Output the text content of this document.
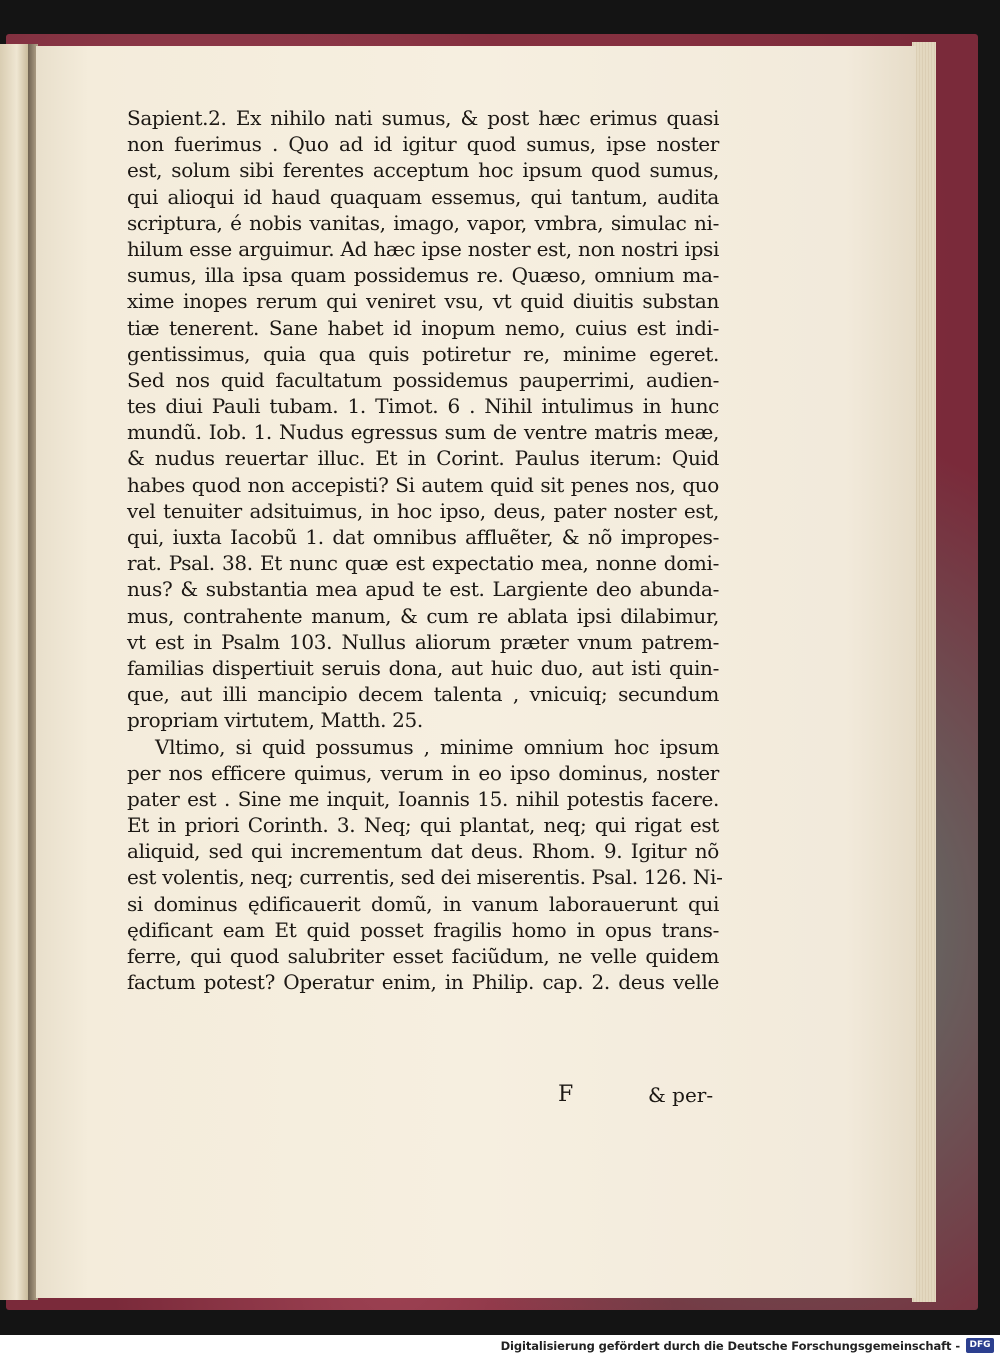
Sapient.2. Ex nihilo nati sumus, & post hæc erimus quasi
non fuerimus . Quo ad id igitur quod sumus, ipse noster
est, solum sibi ferentes acceptum hoc ipsum quod sumus,
qui alioqui id haud quaquam essemus, qui tantum, audita
scriptura, é nobis vanitas, imago, vapor, vmbra, simulac ni-
hilum esse arguimur. Ad hæc ipse noster est, non nostri ipsi
sumus, illa ipsa quam possidemus re. Quæso, omnium ma-
xime inopes rerum qui veniret vsu, vt quid diuitis substan
tiæ tenerent. Sane habet id inopum nemo, cuius est indi-
gentissimus, quia qua quis potiretur re, minime egeret.
Sed nos quid facultatum possidemus pauperrimi, audien-
tes diui Pauli tubam. 1. Timot. 6 . Nihil intulimus in hunc
mundũ. Iob. 1. Nudus egressus sum de ventre matris meæ,
& nudus reuertar illuc. Et in Corint. Paulus iterum: Quid
habes quod non accepisti? Si autem quid sit penes nos, quo
vel tenuiter adsituimus, in hoc ipso, deus, pater noster est,
qui, iuxta Iacobũ 1. dat omnibus affluẽter, & nõ impropes-
rat. Psal. 38. Et nunc quæ est expectatio mea, nonne domi-
nus? & substantia mea apud te est. Largiente deo abunda-
mus, contrahente manum, & cum re ablata ipsi dilabimur,
vt est in Psalm 103. Nullus aliorum præter vnum patrem-
familias dispertiuit seruis dona, aut huic duo, aut isti quin-
que, aut illi mancipio decem talenta , vnicuiq; secundum
propriam virtutem, Matth. 25.
Vltimo, si quid possumus , minime omnium hoc ipsum
per nos efficere quimus, verum in eo ipso dominus, noster
pater est . Sine me inquit, Ioannis 15. nihil potestis facere.
Et in priori Corinth. 3. Neq; qui plantat, neq; qui rigat est
aliquid, sed qui incrementum dat deus. Rhom. 9. Igitur nõ
est volentis, neq; currentis, sed dei miserentis. Psal. 126. Ni-
si dominus ędificauerit domũ, in vanum laborauerunt qui
ędificant eam Et quid posset fragilis homo in opus trans-
ferre, qui quod salubriter esset faciũdum, ne velle quidem
factum potest? Operatur enim, in Philip. cap. 2. deus velle
F	& per-
Digitalisierung gefördert durch die Deutsche Forschungsgemeinschaft -	DFG
